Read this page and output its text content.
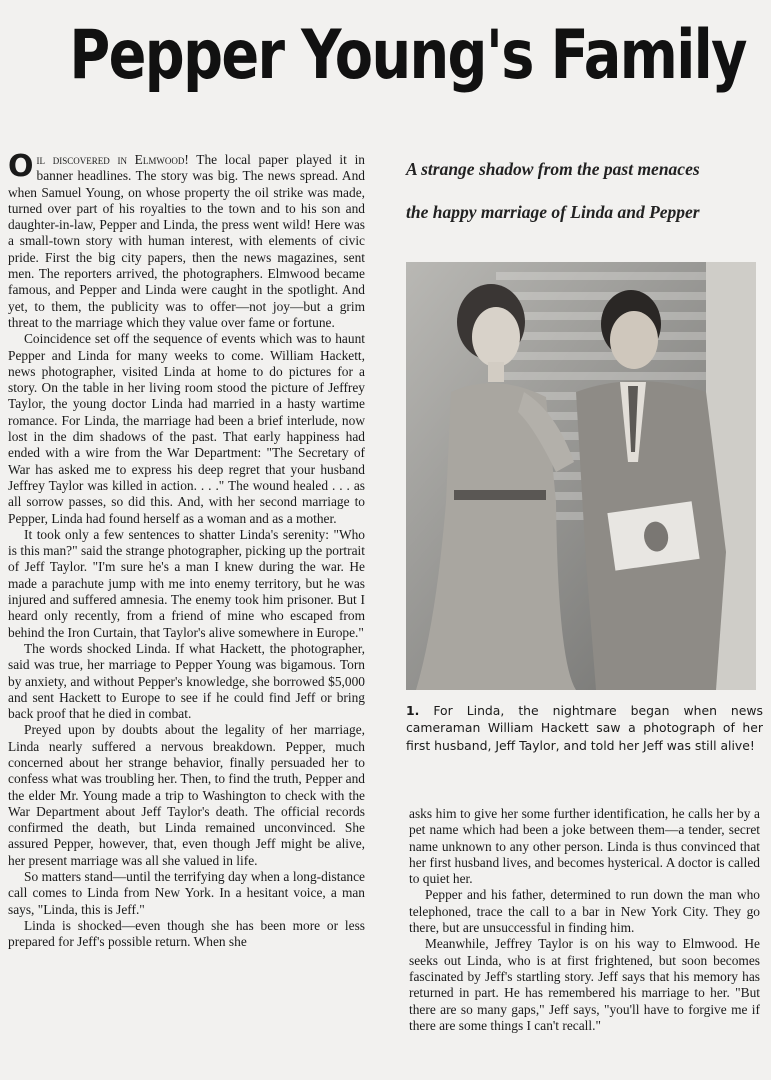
Pepper Young's Family

Oil discovered in Elmwood! The local paper played it in banner headlines. The story was big. The news spread. And when Samuel Young, on whose property the oil strike was made, turned over part of his royalties to the town and to his son and daughter-in-law, Pepper and Linda, the press went wild! Here was a small-town story with human interest, with elements of civic pride. First the big city papers, then the news magazines, sent men. The reporters arrived, the photographers. Elmwood became famous, and Pepper and Linda were caught in the spotlight. And yet, to them, the publicity was to offer—not joy—but a grim threat to the marriage which they value over fame or fortune.

Coincidence set off the sequence of events which was to haunt Pepper and Linda for many weeks to come. William Hackett, news photographer, visited Linda at home to do pictures for a story. On the table in her living room stood the picture of Jeffrey Taylor, the young doctor Linda had married in a hasty wartime romance. For Linda, the marriage had been a brief interlude, now lost in the dim shadows of the past. That early happiness had ended with a wire from the War Department: "The Secretary of War has asked me to express his deep regret that your husband Jeffrey Taylor was killed in action. . . ." The wound healed . . . as all sorrow passes, so did this. And, with her second marriage to Pepper, Linda had found herself as a woman and as a mother.

It took only a few sentences to shatter Linda's serenity: "Who is this man?" said the strange photographer, picking up the portrait of Jeff Taylor. "I'm sure he's a man I knew during the war. He made a parachute jump with me into enemy territory, but he was injured and suffered amnesia. The enemy took him prisoner. But I heard only recently, from a friend of mine who escaped from behind the Iron Curtain, that Taylor's alive somewhere in Europe."

The words shocked Linda. If what Hackett, the photographer, said was true, her marriage to Pepper Young was bigamous. Torn by anxiety, and without Pepper's knowledge, she borrowed $5,000 and sent Hackett to Europe to see if he could find Jeff or bring back proof that he died in combat.

Preyed upon by doubts about the legality of her marriage, Linda nearly suffered a nervous breakdown. Pepper, much concerned about her strange behavior, finally persuaded her to confess what was troubling her. Then, to find the truth, Pepper and the elder Mr. Young made a trip to Washington to check with the War Department about Jeff Taylor's death. The official records confirmed the death, but Linda remained unconvinced. She assured Pepper, however, that, even though Jeff might be alive, her present marriage was all she valued in life.

So matters stand—until the terrifying day when a long-distance call comes to Linda from New York. In a hesitant voice, a man says, "Linda, this is Jeff."

Linda is shocked—even though she has been more or less prepared for Jeff's possible return. When she

A strange shadow from the past menaces
the happy marriage of Linda and Pepper
1. For Linda, the nightmare began when news cameraman William Hackett saw a photograph of her first husband, Jeff Taylor, and told her Jeff was still alive!

asks him to give her some further identification, he calls her by a pet name which had been a joke between them—a tender, secret name unknown to any other person. Linda is thus convinced that her first husband lives, and becomes hysterical. A doctor is called to quiet her.

Pepper and his father, determined to run down the man who telephoned, trace the call to a bar in New York City. They go there, but are unsuccessful in finding him.

Meanwhile, Jeffrey Taylor is on his way to Elmwood. He seeks out Linda, who is at first frightened, but soon becomes fascinated by Jeff's startling story. Jeff says that his memory has returned in part. He has remembered his marriage to her. "But there are so many gaps," Jeff says, "you'll have to forgive me if there are some things I can't recall."
